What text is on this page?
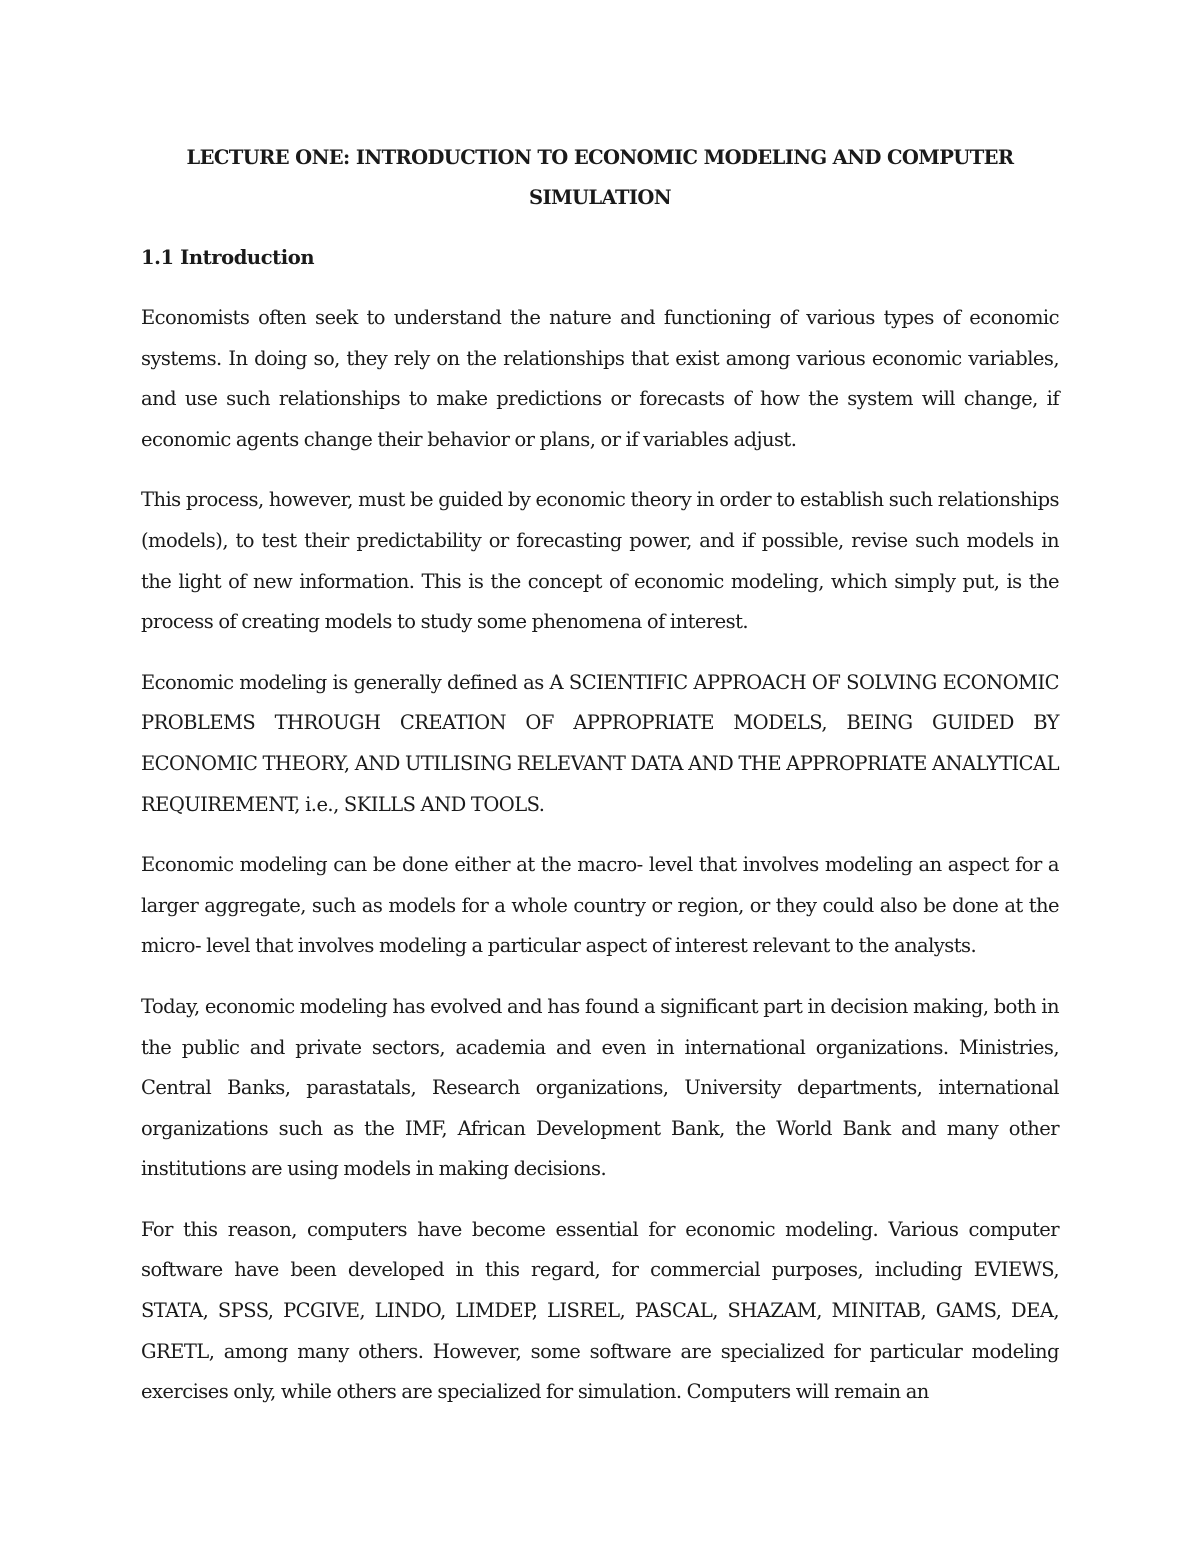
LECTURE ONE: INTRODUCTION TO ECONOMIC MODELING AND COMPUTER SIMULATION
1.1 Introduction

Economists often seek to understand the nature and functioning of various types of economic systems. In doing so, they rely on the relationships that exist among various economic variables, and use such relationships to make predictions or forecasts of how the system will change, if economic agents change their behavior or plans, or if variables adjust.

This process, however, must be guided by economic theory in order to establish such relationships (models), to test their predictability or forecasting power, and if possible, revise such models in the light of new information. This is the concept of economic modeling, which simply put, is the process of creating models to study some phenomena of interest.

Economic modeling is generally defined as A SCIENTIFIC APPROACH OF SOLVING ECONOMIC PROBLEMS THROUGH CREATION OF APPROPRIATE MODELS, BEING GUIDED BY ECONOMIC THEORY, AND UTILISING RELEVANT DATA AND THE APPROPRIATE ANALYTICAL REQUIREMENT, i.e., SKILLS AND TOOLS.

Economic modeling can be done either at the macro- level that involves modeling an aspect for a larger aggregate, such as models for a whole country or region, or they could also be done at the micro- level that involves modeling a particular aspect of interest relevant to the analysts.

Today, economic modeling has evolved and has found a significant part in decision making, both in the public and private sectors, academia and even in international organizations. Ministries, Central Banks, parastatals, Research organizations, University departments, international organizations such as the IMF, African Development Bank, the World Bank and many other institutions are using models in making decisions.

For this reason, computers have become essential for economic modeling. Various computer software have been developed in this regard, for commercial purposes, including EVIEWS, STATA, SPSS, PCGIVE, LINDO, LIMDEP, LISREL, PASCAL, SHAZAM, MINITAB, GAMS, DEA, GRETL, among many others. However, some software are specialized for particular modeling exercises only, while others are specialized for simulation. Computers will remain an
